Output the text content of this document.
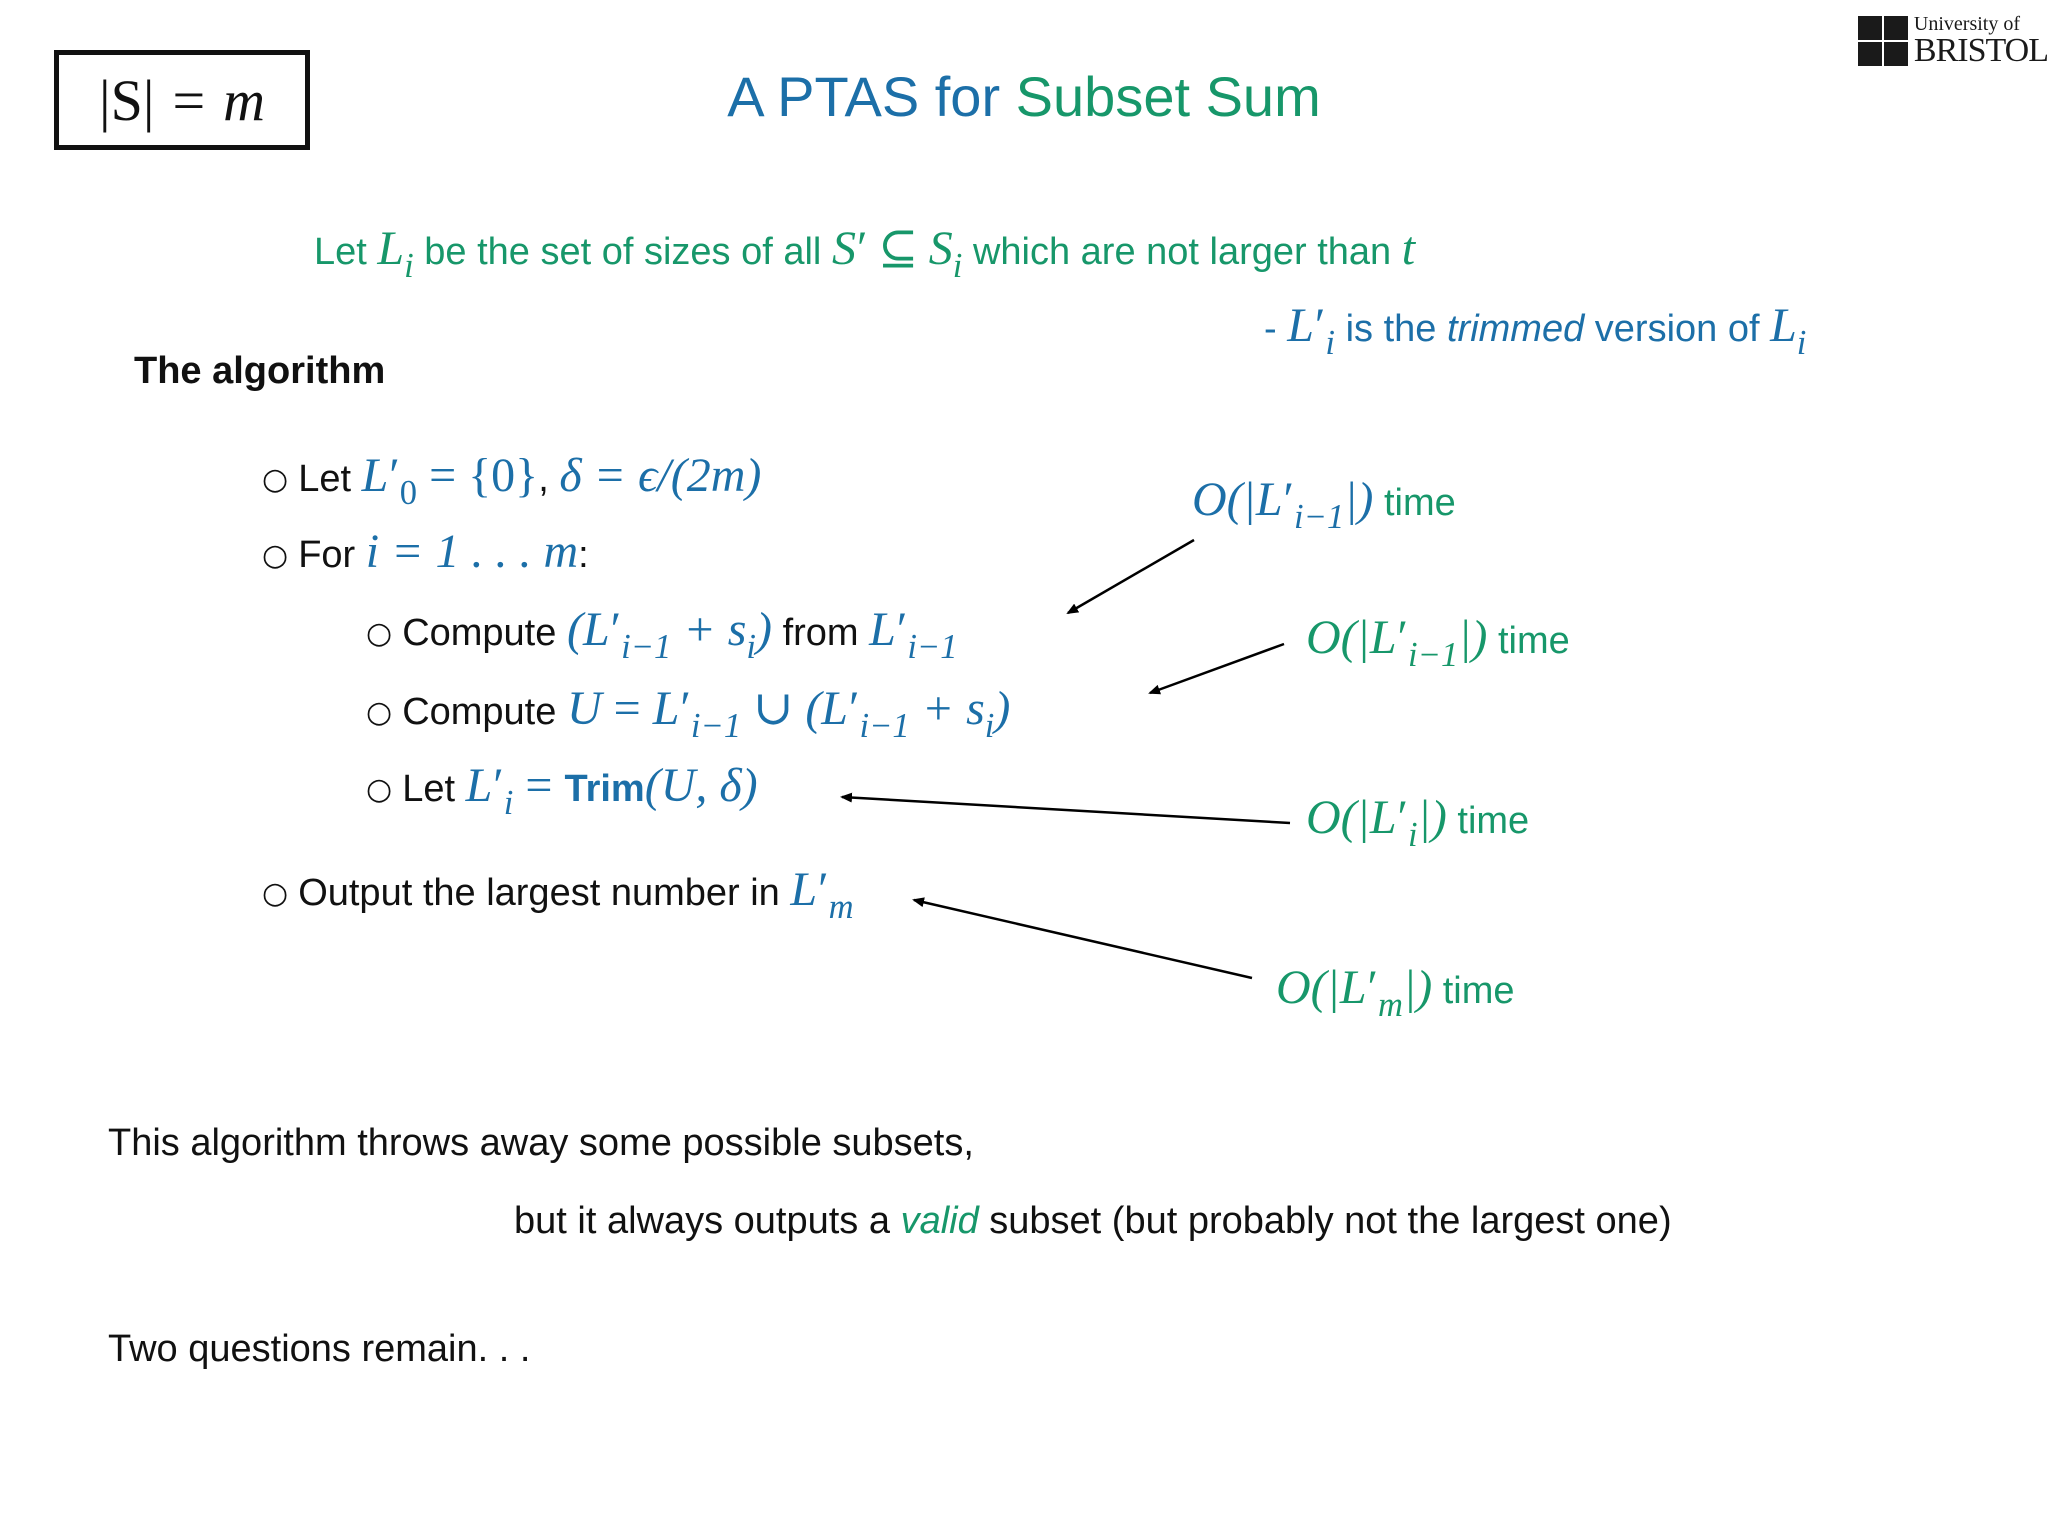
|S| = m	A PTAS for Subset Sum
University of
BRISTOL
Let $L_i$ be the set of sizes of all S′ ⊆ $S_i$ which are not larger than t
- $L'_i$ is the trimmed version of $L_i$
The algorithm
○ Let $L'_0 = \{0\}$, δ = ϵ/(2m)
○ For i = 1 . . . m:
○ Compute $(L'_{i-1} + s_i)$ from $L'_{i-1}$
○ Compute $U = L'_{i-1}$ ∪ $(L'_{i-1} + s_i)$
○ Let $L'_i$ = Trim(U, δ)
○ Output the largest number in $L'_m$
$O(|L'_{i-1}|)$ time
$O(|L'_{i-1}|)$ time
$O(|L'_i|)$ time
$O(|L'_m|)$ time
This algorithm throws away some possible subsets,
but it always outputs a valid subset (but probably not the largest one)
Two questions remain. . .
